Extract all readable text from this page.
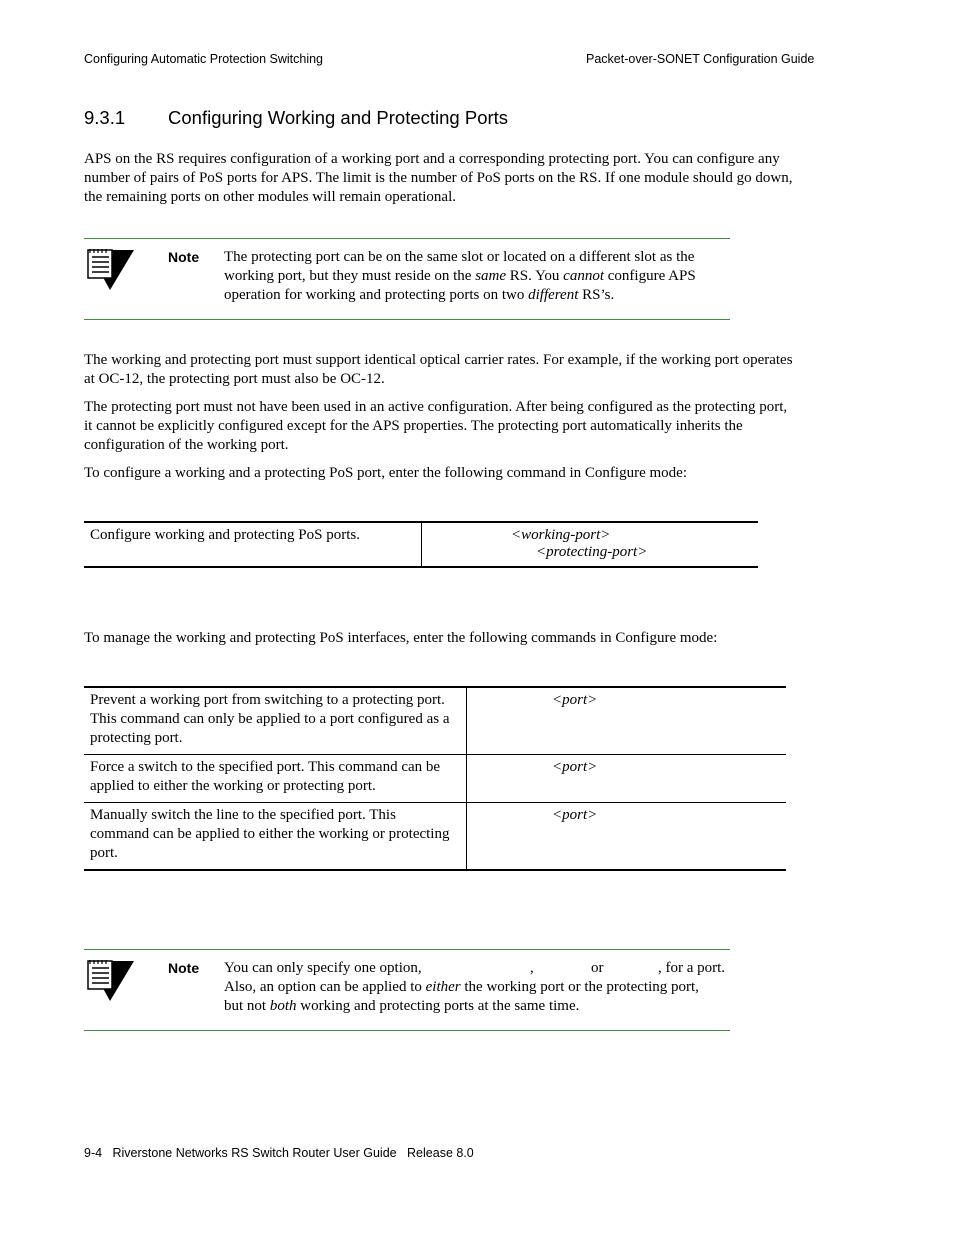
Configuring Automatic Protection Switching	Packet-over-SONET Configuration Guide
9.3.1 Configuring Working and Protecting Ports
APS on the RS requires configuration of a working port and a corresponding protecting port. You can configure any
number of pairs of PoS ports for APS. The limit is the number of PoS ports on the RS. If one module should go down,
the remaining ports on other modules will remain operational.
Note The protecting port can be on the same slot or located on a different slot as the
working port, but they must reside on the same RS. You cannot configure APS
operation for working and protecting ports on two different RS’s.
The working and protecting port must support identical optical carrier rates. For example, if the working port operates
at OC-12, the protecting port must also be OC-12.
The protecting port must not have been used in an active configuration. After being configured as the protecting port,
it cannot be explicitly configured except for the APS properties. The protecting port automatically inherits the
configuration of the working port.
To configure a working and a protecting PoS port, enter the following command in Configure mode:
Configure working and protecting PoS ports.	<working-port>
<protecting-port>
To manage the working and protecting PoS interfaces, enter the following commands in Configure mode:
Prevent a working port from switching to a protecting port.
This command can only be applied to a port configured as a
protecting port.
<port>
Force a switch to the specified port. This command can be
applied to either the working or protecting port.
<port>
Manually switch the line to the specified port. This
command can be applied to either the working or protecting
port.
<port>
Note You can only specify one option,	,	or	, for a port.
Also, an option can be applied to either the working port or the protecting port,
but not both working and protecting ports at the same time.
9-4   Riverstone Networks RS Switch Router User Guide   Release 8.0
